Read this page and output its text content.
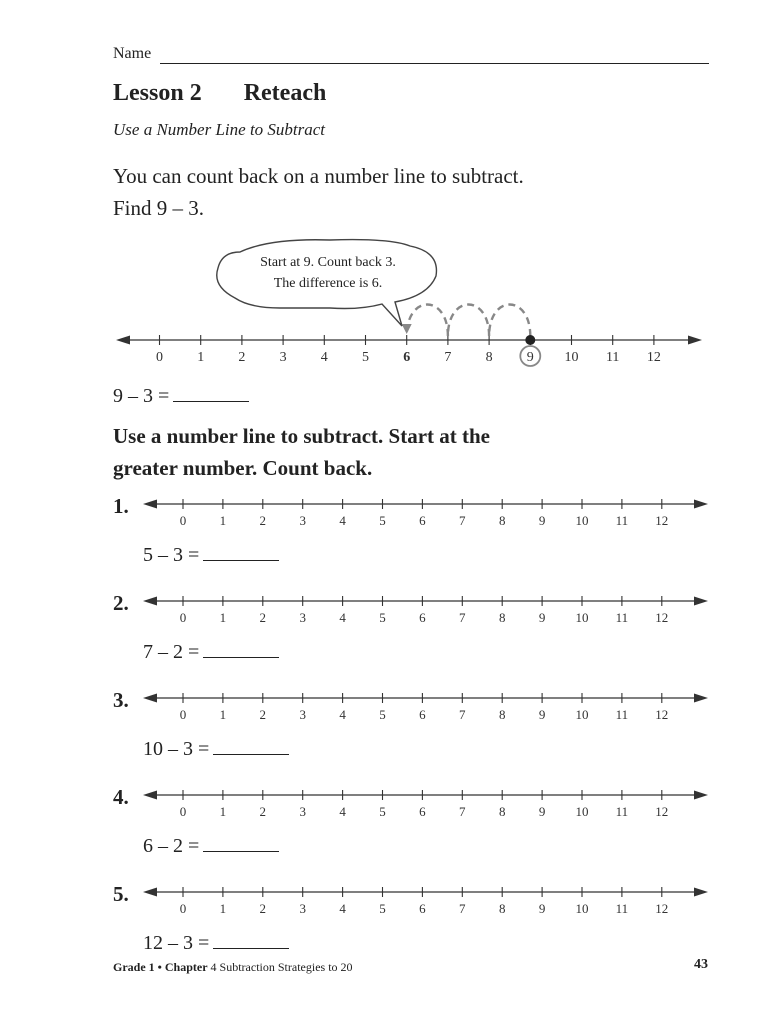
Name
Lesson 2 Reteach
Use a Number Line to Subtract
You can count back on a number line to subtract.
Find 9 – 3.
Start at 9. Count back 3.
The difference is 6.
0 1 2 3 4 5 6 7 8 9 10 11 12
9 – 3 =
Use a number line to subtract. Start at the
greater number. Count back.
1.
0	1	2	3	4	5	6	7	8	9 10 11 12
5 – 3 =
2.
0	1	2	3	4	5	6	7	8	9 10 11 12
7 – 2 =
3.
0	1	2	3	4	5	6	7	8	9 10 11 12
10 – 3 =
4.
0	1	2	3	4	5	6	7	8	9 10 11 12
6 – 2 =
5.
0	1	2	3	4	5	6	7	8	9 10 11 12
12 – 3 =
Grade 1 • Chapter 4 Subtraction Strategies to 20	43
